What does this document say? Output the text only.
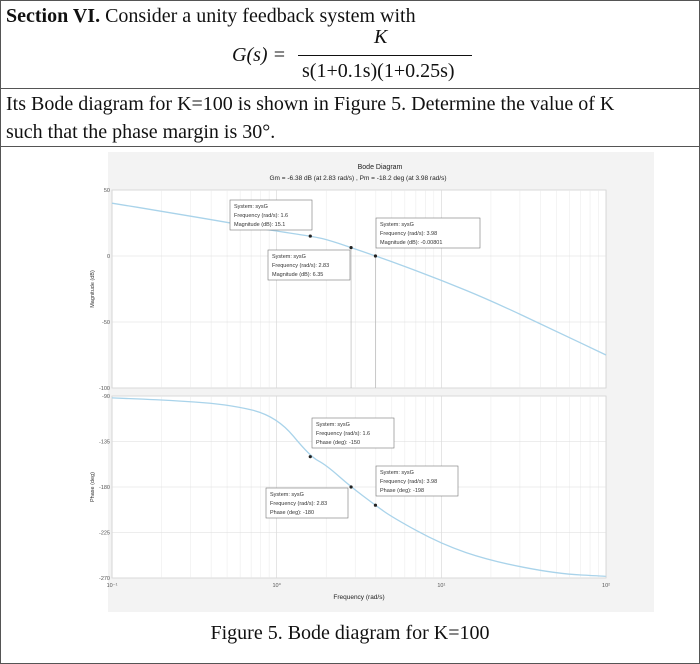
Section VI. Consider a unity feedback system with
G(s) =
K
s(1+0.1s)(1+0.25s)
Its Bode diagram for K=100 is shown in Figure 5. Determine the value of K
such that the phase margin is 30°.
Bode Diagram
Gm = -6.38 dB (at 2.83 rad/s) , Pm = -18.2 deg (at 3.98 rad/s)
50
0
-50
-100
-90
-135
-180
-225
-270
Magnitude (dB)
Phase (deg)
10⁻¹	10⁰	10¹	10²
Frequency (rad/s)
System: sysG
Frequency (rad/s): 1.6
Magnitude (dB): 15.1
System: sysG
Frequency (rad/s): 2.83
Magnitude (dB): 6.35
System: sysG
Frequency (rad/s): 3.98
Magnitude (dB): -0.00801
System: sysG
Frequency (rad/s): 1.6
Phase (deg): -150
System: sysG
Frequency (rad/s): 2.83
Phase (deg): -180
System: sysG
Frequency (rad/s): 3.98
Phase (deg): -198
Figure 5. Bode diagram for K=100
